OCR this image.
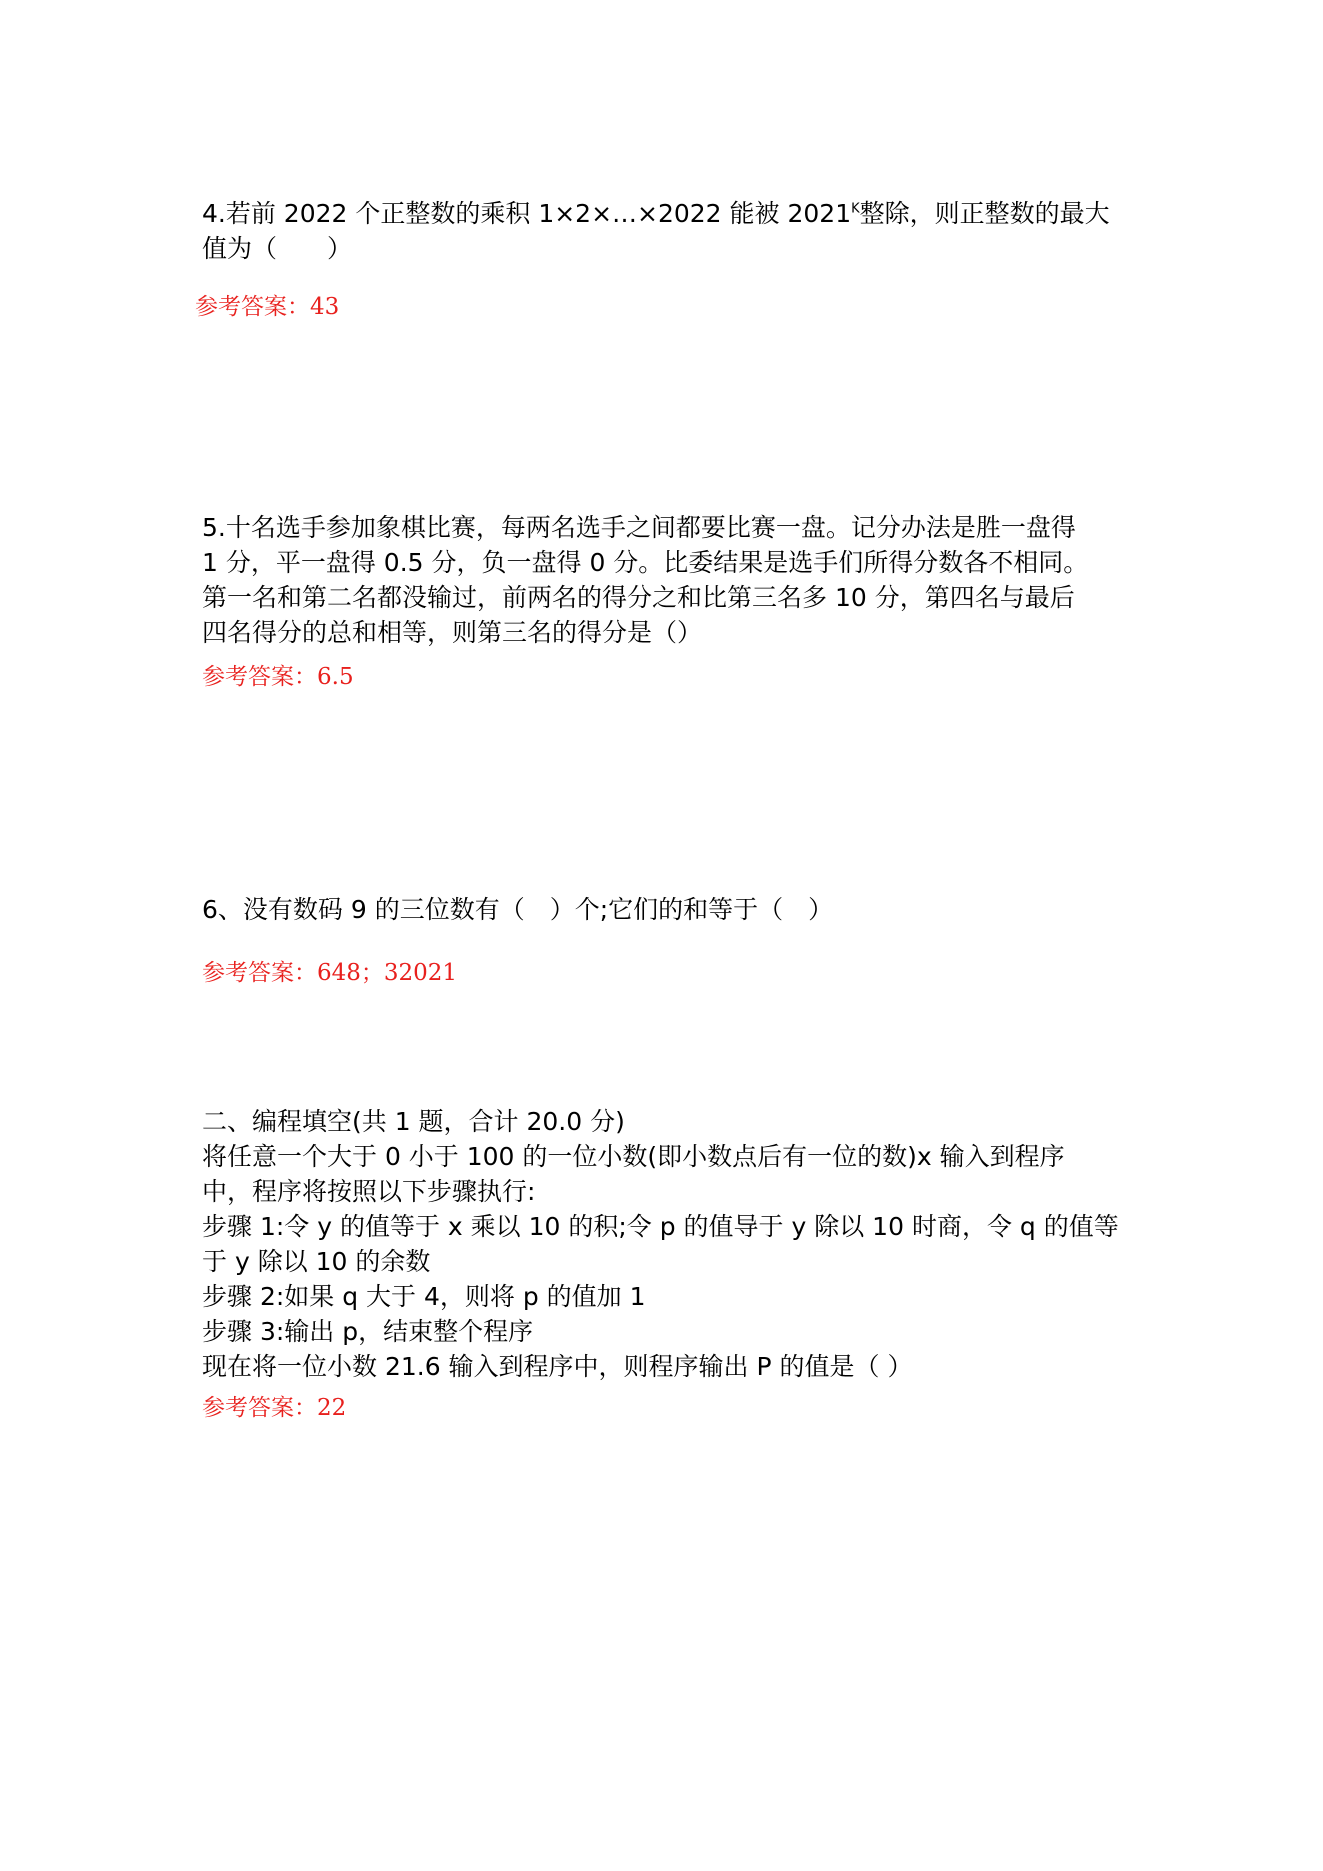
4.若前 2022 个正整数的乘积 1×2×…×2022 能被 $2021^K$整除，则正整数的最大值为（　　）

参考答案：43

5.十名选手参加象棋比赛，每两名选手之间都要比赛一盘。记分办法是胜一盘得

1 分，平一盘得 0.5 分，负一盘得 0 分。比委结果是选手们所得分数各不相同。

第一名和第二名都没输过，前两名的得分之和比第三名多 10 分，第四名与最后

四名得分的总和相等，则第三名的得分是（）

参考答案：6.5

6、没有数码 9 的三位数有（　）个;它们的和等于（　）

参考答案：648；32021

二、编程填空(共 1 题，合计 20.0 分)

将任意一个大于 0 小于 100 的一位小数(即小数点后有一位的数)x 输入到程序

中，程序将按照以下步骤执行:

步骤 1:令 y 的值等于 x 乘以 10 的积;令 p 的值导于 y 除以 10 时商，令 q 的值等

于 y 除以 10 的余数

步骤 2:如果 q 大于 4，则将 p 的值加 1

步骤 3:输出 p，结束整个程序

现在将一位小数 21.6 输入到程序中，则程序输出 P 的值是（ ）

参考答案：22
